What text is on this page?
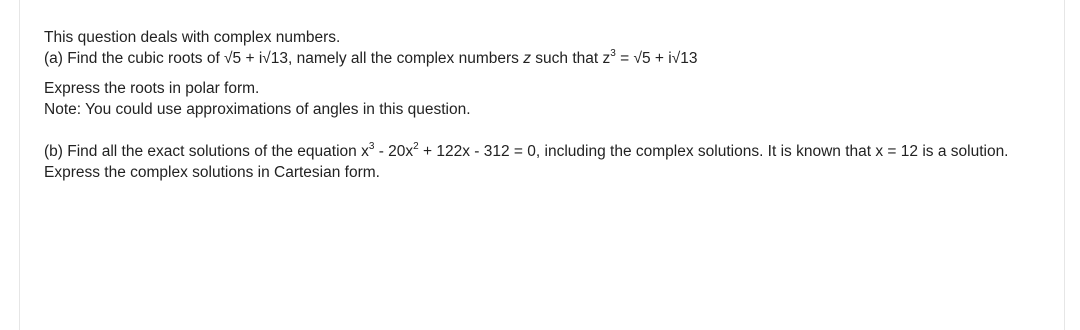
This question deals with complex numbers.

(a) Find the cubic roots of √5 + i√13, namely all the complex numbers z such that $z^3 = √5 + i√13$

Express the roots in polar form.

Note: You could use approximations of angles in this question.

(b) Find all the exact solutions of the equation $x^3 - 20x^2 + 122x - 312 = 0$, including the complex solutions. It is known that x = 12 is a solution.

Express the complex solutions in Cartesian form.
